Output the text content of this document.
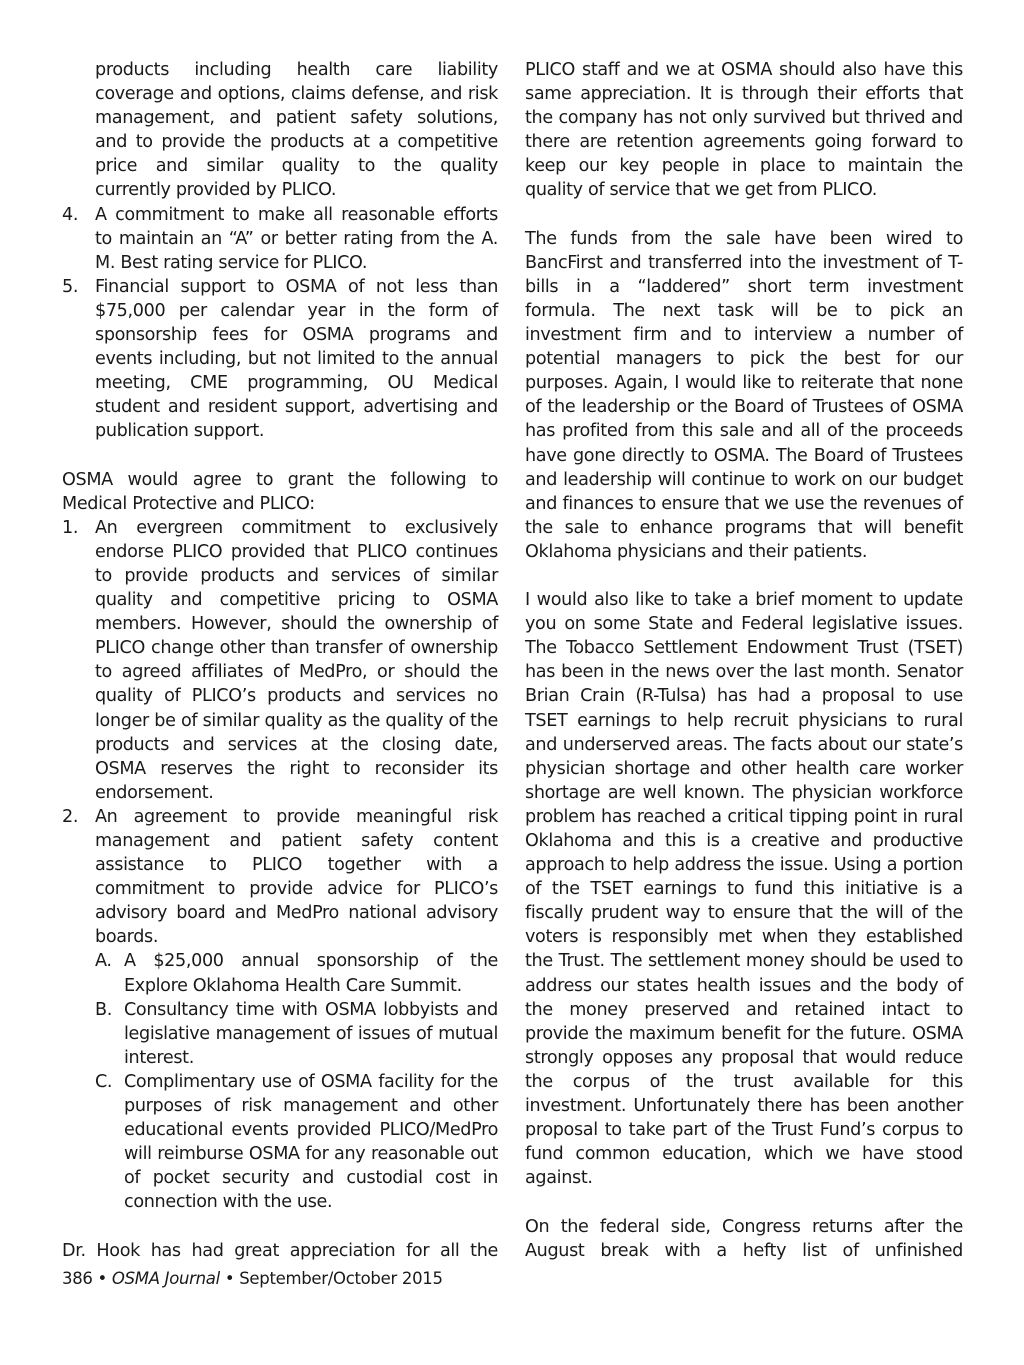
products including health care liability coverage and options, claims defense, and risk management, and patient safety solutions, and to provide the products at a competitive price and similar quality to the quality currently provided by PLICO.

4. A commitment to make all reasonable efforts to maintain an “A” or better rating from the A. M. Best rating service for PLICO.
5. Financial support to OSMA of not less than $75,000 per calendar year in the form of sponsorship fees for OSMA programs and events including, but not limited to the annual meeting, CME programming, OU Medical student and resident support, advertising and publication support.

OSMA would agree to grant the following to Medical Protective and PLICO:

1. An evergreen commitment to exclusively endorse PLICO provided that PLICO continues to provide products and services of similar quality and competitive pricing to OSMA members. However, should the ownership of PLICO change other than transfer of ownership to agreed affiliates of MedPro, or should the quality of PLICO’s products and services no longer be of similar quality as the quality of the products and services at the closing date, OSMA reserves the right to reconsider its endorsement.
2. An agreement to provide meaningful risk management and patient safety content assistance to PLICO together with a commitment to provide advice for PLICO’s advisory board and MedPro national advisory boards.
A. A $25,000 annual sponsorship of the Explore Oklahoma Health Care Summit.
B. Consultancy time with OSMA lobbyists and legislative management of issues of mutual interest.
C. Complimentary use of OSMA facility for the purposes of risk management and other educational events provided PLICO/MedPro will reimburse OSMA for any reasonable out of pocket security and custodial cost in connection with the use.

Dr. Hook has had great appreciation for all the

PLICO staff and we at OSMA should also have this same appreciation. It is through their efforts that the company has not only survived but thrived and there are retention agreements going forward to keep our key people in place to maintain the quality of service that we get from PLICO.

The funds from the sale have been wired to BancFirst and transferred into the investment of T-bills in a “laddered” short term investment formula. The next task will be to pick an investment firm and to interview a number of potential managers to pick the best for our purposes. Again, I would like to reiterate that none of the leadership or the Board of Trustees of OSMA has profited from this sale and all of the proceeds have gone directly to OSMA. The Board of Trustees and leadership will continue to work on our budget and finances to ensure that we use the revenues of the sale to enhance programs that will benefit Oklahoma physicians and their patients.

I would also like to take a brief moment to update you on some State and Federal legislative issues. The Tobacco Settlement Endowment Trust (TSET) has been in the news over the last month. Senator Brian Crain (R-Tulsa) has had a proposal to use TSET earnings to help recruit physicians to rural and underserved areas. The facts about our state’s physician shortage and other health care worker shortage are well known. The physician workforce problem has reached a critical tipping point in rural Oklahoma and this is a creative and productive approach to help address the issue. Using a portion of the TSET earnings to fund this initiative is a fiscally prudent way to ensure that the will of the voters is responsibly met when they established the Trust. The settlement money should be used to address our states health issues and the body of the money preserved and retained intact to provide the maximum benefit for the future. OSMA strongly opposes any proposal that would reduce the corpus of the trust available for this investment. Unfortunately there has been another proposal to take part of the Trust Fund’s corpus to fund common education, which we have stood against.

On the federal side, Congress returns after the August break with a hefty list of unfinished

386 • OSMA Journal • September/October 2015
